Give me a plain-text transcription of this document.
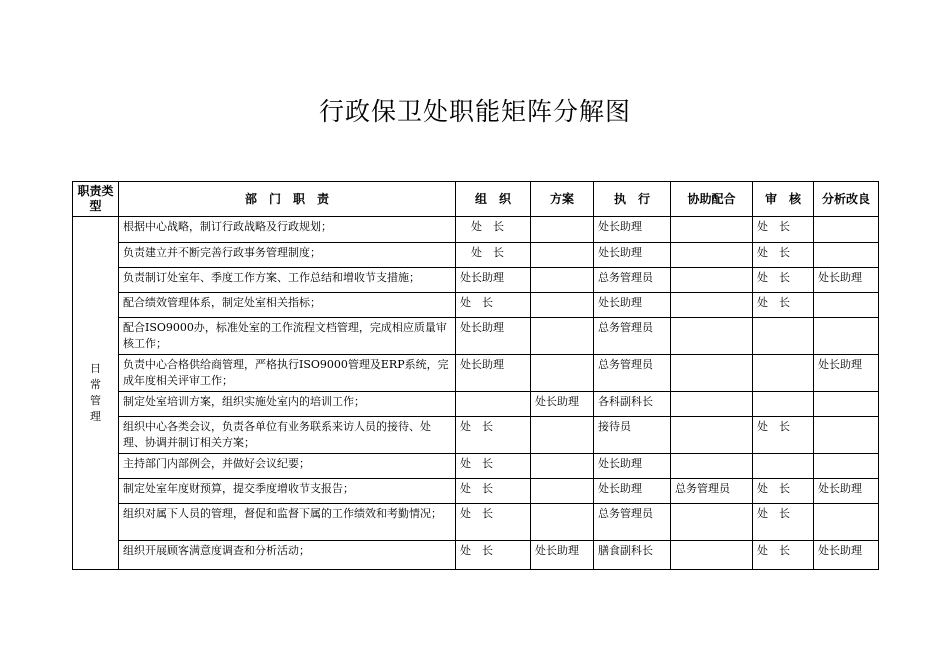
行政保卫处职能矩阵分解图
职责类型	部　门　职　责	组　织	方案	执　行	协助配合	审　核	分析改良

日常管理	根据中心战略，制订行政战略及行政规划；	　处　长		处长助理		处　长	
	负责建立并不断完善行政事务管理制度；	　处　长		处长助理		处　长	
	负责制订处室年、季度工作方案、工作总结和增收节支措施；	处长助理		总务管理员		处　长	处长助理
	配合绩效管理体系，制定处室相关指标；	处　长		处长助理		处　长	
	配合ISO9000办，标准处室的工作流程文档管理，完成相应质量审核工作；	处长助理		总务管理员			
	负责中心合格供给商管理，严格执行ISO9000管理及ERP系统，完成年度相关评审工作；	处长助理		总务管理员			处长助理
	制定处室培训方案，组织实施处室内的培训工作；		处长助理	各科副科长			
	组织中心各类会议，负责各单位有业务联系来访人员的接待、处理、协调并制订相关方案；	处　长		接待员		处　长	
	主持部门内部例会，并做好会议纪要；	处　长		处长助理			
	制定处室年度财预算，提交季度增收节支报告；	处　长		处长助理	总务管理员	处　长	处长助理
	组织对属下人员的管理，督促和监督下属的工作绩效和考勤情况；	处　长		总务管理员		处　长	
	组织开展顾客满意度调查和分析活动；	处　长	处长助理	膳食副科长		处　长	处长助理
